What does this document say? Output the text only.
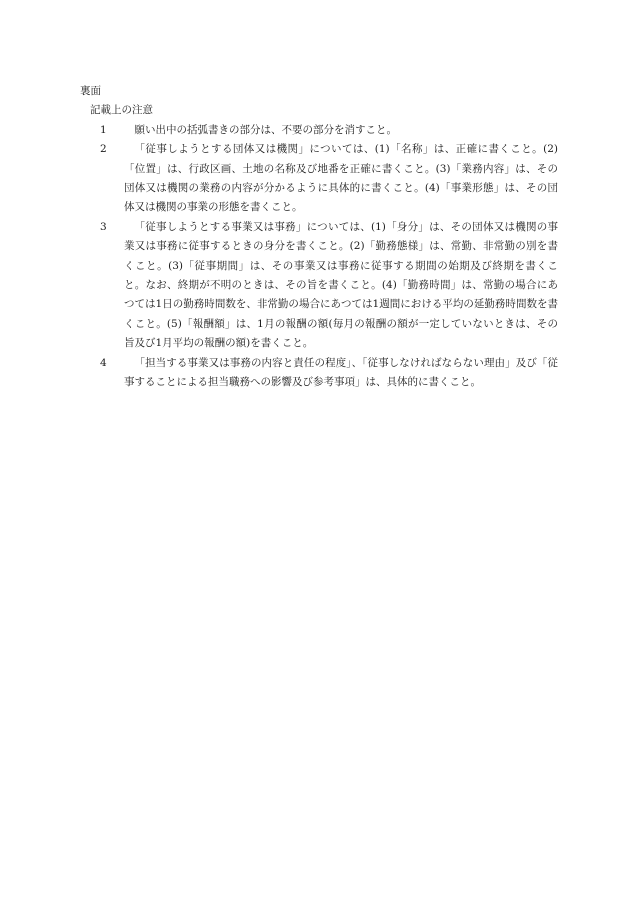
裏面

記載上の注意

1	願い出中の括弧書きの部分は、不要の部分を消すこと。
2	「従事しようとする団体又は機関」については、(1)「名称」は、正確に書くこと。(2)「位置」は、行政区画、土地の名称及び地番を正確に書くこと。(3)「業務内容」は、その団体又は機関の業務の内容が分かるように具体的に書くこと。(4)「事業形態」は、その団体又は機関の事業の形態を書くこと。
3	「従事しようとする事業又は事務」については、(1)「身分」は、その団体又は機関の事業又は事務に従事するときの身分を書くこと。(2)「勤務態様」は、常勤、非常勤の別を書くこと。(3)「従事期間」は、その事業又は事務に従事する期間の始期及び終期を書くこと。なお、終期が不明のときは、その旨を書くこと。(4)「勤務時間」は、常勤の場合にあつては1日の勤務時間数を、非常勤の場合にあつては1週間における平均の延勤務時間数を書くこと。(5)「報酬額」は、1月の報酬の額(毎月の報酬の額が一定していないときは、その旨及び1月平均の報酬の額)を書くこと。
4	「担当する事業又は事務の内容と責任の程度」、「従事しなければならない理由」及び「従事することによる担当職務への影響及び参考事項」は、具体的に書くこと。
